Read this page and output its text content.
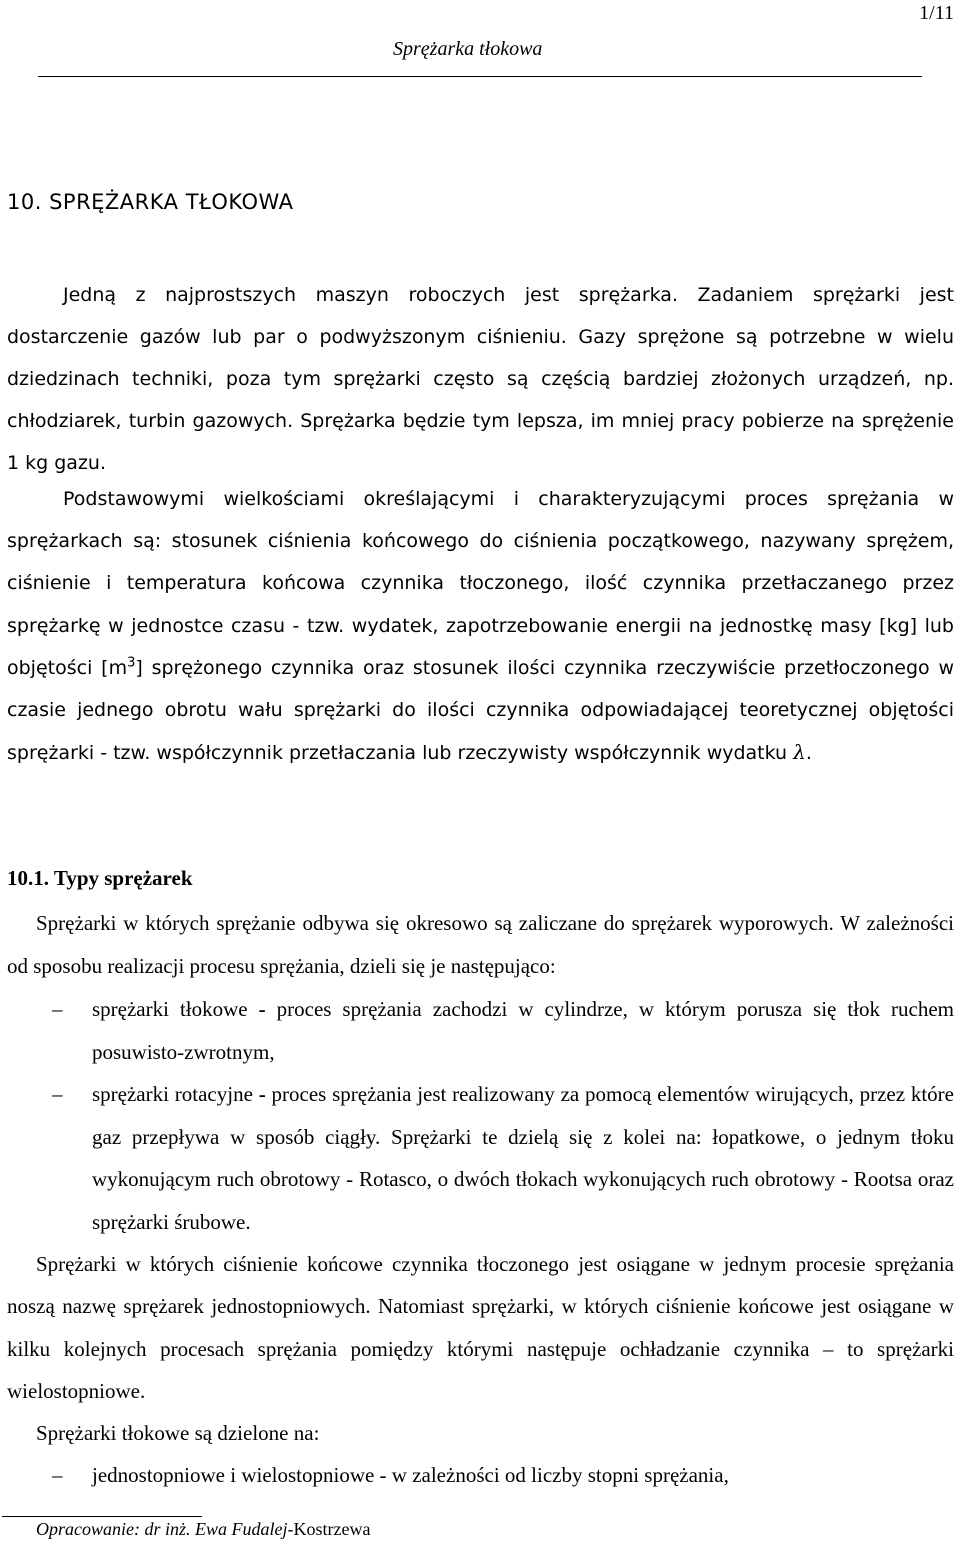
1/11
Sprężarka tłokowa
10. SPRĘŻARKA TŁOKOWA

Jedną z najprostszych maszyn roboczych jest sprężarka. Zadaniem sprężarki jest dostarczenie gazów lub par o podwyższonym ciśnieniu. Gazy sprężone są potrzebne w wielu dziedzinach techniki, poza tym sprężarki często są częścią bardziej złożonych urządzeń, np. chłodziarek, turbin gazowych. Sprężarka będzie tym lepsza, im mniej pracy pobierze na sprężenie 1 kg gazu.

Podstawowymi wielkościami określającymi i charakteryzującymi proces sprężania w sprężarkach są: stosunek ciśnienia końcowego do ciśnienia początkowego, nazywany sprężem, ciśnienie i temperatura końcowa czynnika tłoczonego, ilość czynnika przetłaczanego przez sprężarkę w jednostce czasu - tzw. wydatek, zapotrzebowanie energii na jednostkę masy [kg] lub objętości $[m^3]$ sprężonego czynnika oraz stosunek ilości czynnika rzeczywiście przetłoczonego w czasie jednego obrotu wału sprężarki do ilości czynnika odpowiadającej teoretycznej objętości sprężarki - tzw. współczynnik przetłaczania lub rzeczywisty współczynnik wydatku λ.

10.1. Typy sprężarek

Sprężarki w których sprężanie odbywa się okresowo są zaliczane do sprężarek wyporowych. W zależności od sposobu realizacji procesu sprężania, dzieli się je następująco:

– sprężarki tłokowe - proces sprężania zachodzi w cylindrze, w którym porusza się tłok ruchem posuwisto-zwrotnym,
– sprężarki rotacyjne - proces sprężania jest realizowany za pomocą elementów wirujących, przez które gaz przepływa w sposób ciągły. Sprężarki te dzielą się z kolei na: łopatkowe, o jednym tłoku wykonującym ruch obrotowy - Rotasco, o dwóch tłokach wykonujących ruch obrotowy - Rootsa oraz sprężarki śrubowe.

Sprężarki w których ciśnienie końcowe czynnika tłoczonego jest osiągane w jednym procesie sprężania noszą nazwę sprężarek jednostopniowych. Natomiast sprężarki, w których ciśnienie końcowe jest osiągane w kilku kolejnych procesach sprężania pomiędzy którymi następuje ochładzanie czynnika – to sprężarki wielostopniowe.

Sprężarki tłokowe są dzielone na:

– jednostopniowe i wielostopniowe - w zależności od liczby stopni sprężania,
Opracowanie: dr inż. Ewa Fudalej-Kostrzewa
